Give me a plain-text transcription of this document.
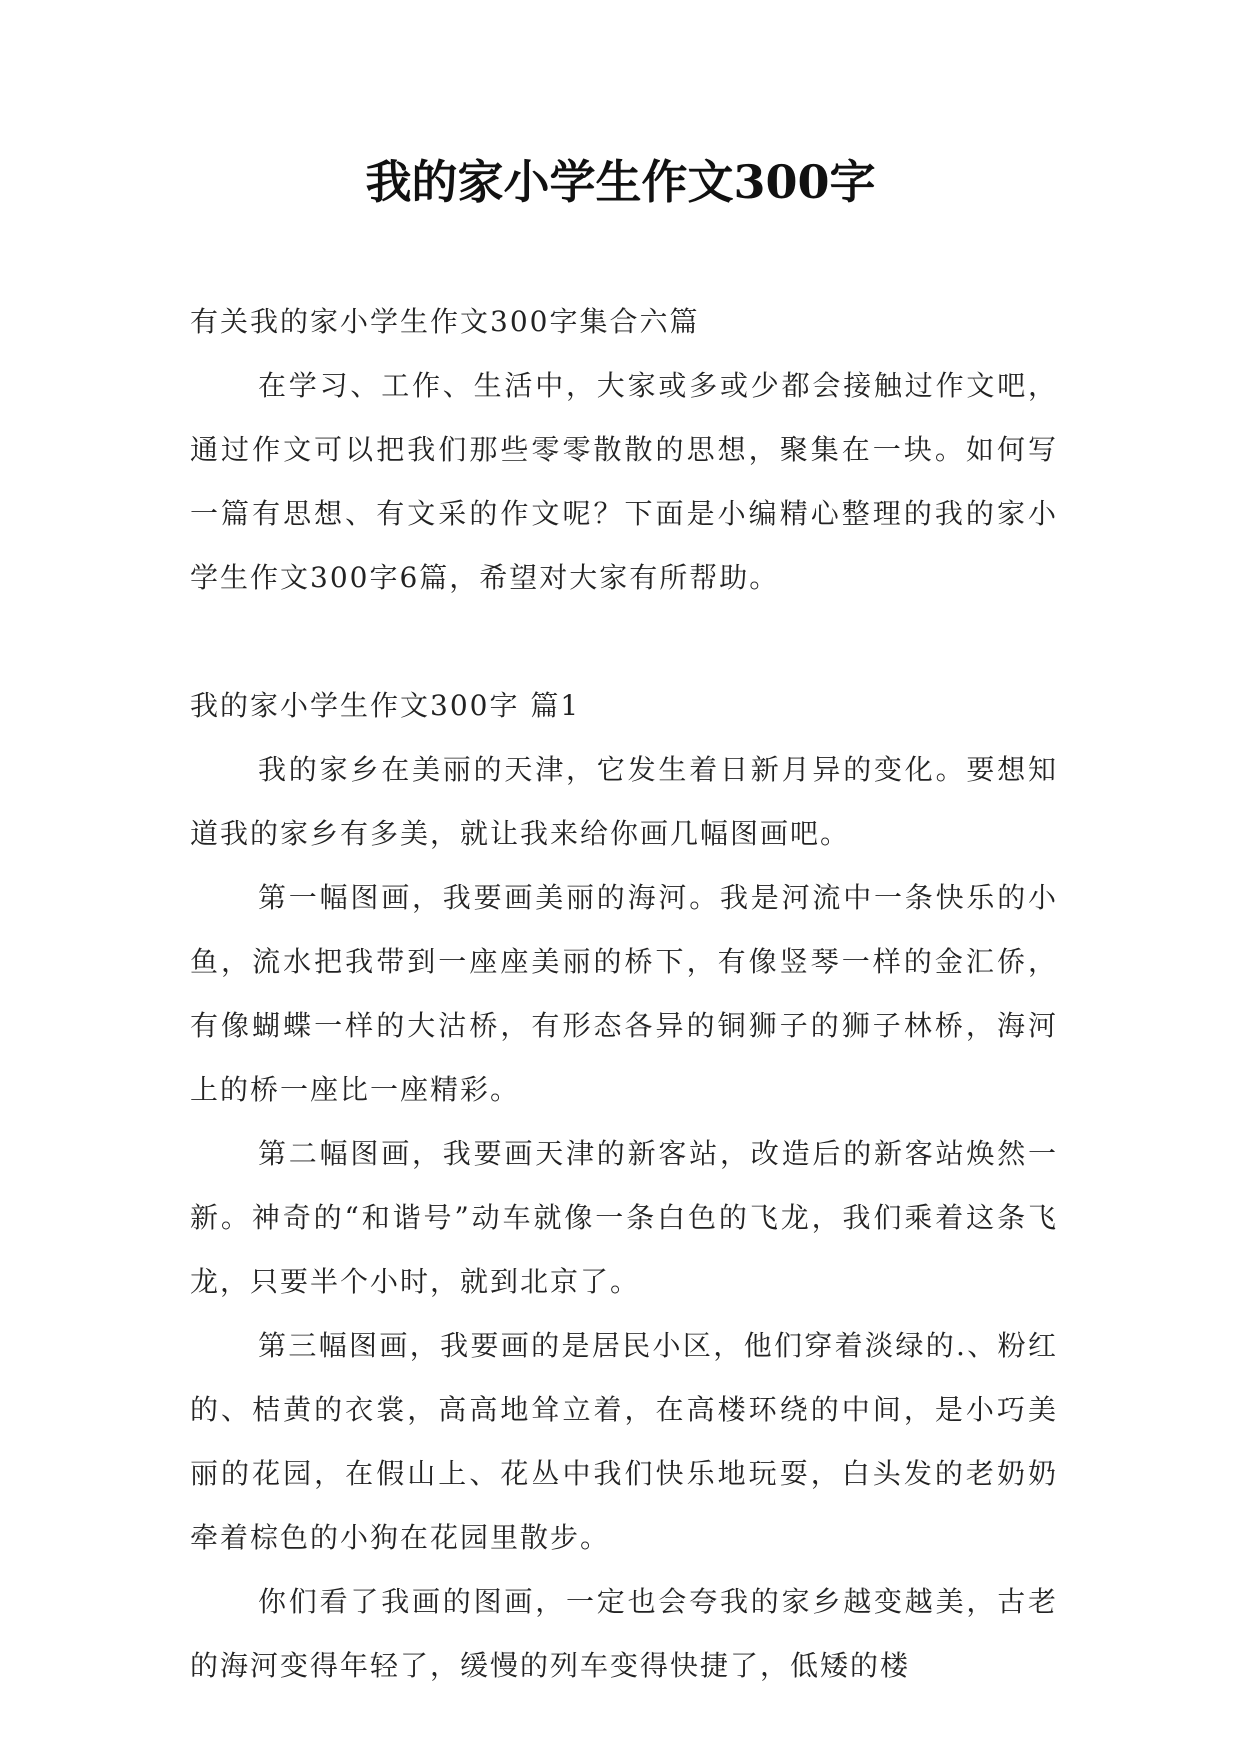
我的家小学生作文300字

有关我的家小学生作文300字集合六篇

在学习、工作、生活中，大家或多或少都会接触过作文吧，通过作文可以把我们那些零零散散的思想，聚集在一块。如何写一篇有思想、有文采的作文呢？下面是小编精心整理的我的家小学生作文300字6篇，希望对大家有所帮助。

我的家小学生作文300字 篇1

我的家乡在美丽的天津，它发生着日新月异的变化。要想知道我的家乡有多美，就让我来给你画几幅图画吧。

第一幅图画，我要画美丽的海河。我是河流中一条快乐的小鱼，流水把我带到一座座美丽的桥下，有像竖琴一样的金汇侨，有像蝴蝶一样的大沽桥，有形态各异的铜狮子的狮子林桥，海河上的桥一座比一座精彩。

第二幅图画，我要画天津的新客站，改造后的新客站焕然一新。神奇的“和谐号”动车就像一条白色的飞龙，我们乘着这条飞龙，只要半个小时，就到北京了。

第三幅图画，我要画的是居民小区，他们穿着淡绿的.、粉红的、桔黄的衣裳，高高地耸立着，在高楼环绕的中间，是小巧美丽的花园，在假山上、花丛中我们快乐地玩耍，白头发的老奶奶牵着棕色的小狗在花园里散步。

你们看了我画的图画，一定也会夸我的家乡越变越美，古老的海河变得年轻了，缓慢的列车变得快捷了，低矮的楼
